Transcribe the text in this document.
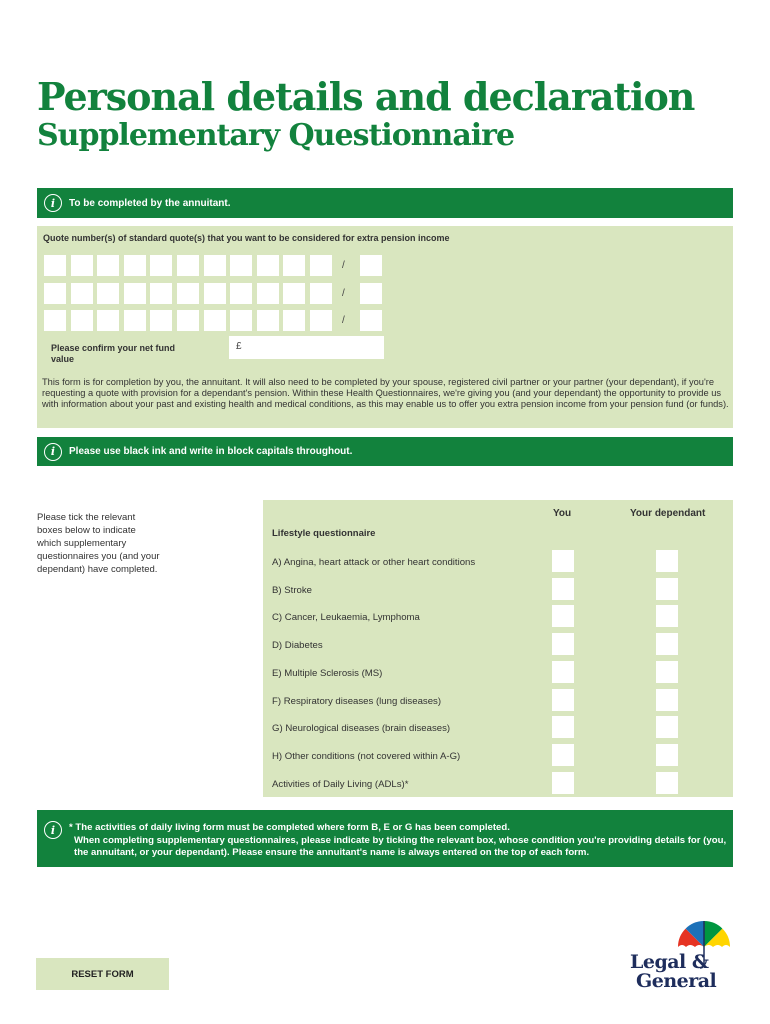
Personal details and declaration
Supplementary Questionnaire
i	To be completed by the annuitant.
Quote number(s) of standard quote(s) that you want to be considered for extra pension income
/
/
/
Please confirm your net fund value
£
This form is for completion by you, the annuitant. It will also need to be completed by your spouse, registered civil partner or your partner (your dependant), if you're requesting a quote with provision for a dependant's pension. Within these Health Questionnaires, we're giving you (and your dependant) the opportunity to provide us with information about your past and existing health and medical conditions, as this may enable us to offer you extra pension income from your pension fund (or funds).
i	Please use black ink and write in block capitals throughout.
Please tick the relevant boxes below to indicate which supplementary questionnaires you (and your dependant) have completed.
You	Your dependant
Lifestyle questionnaire
A) Angina, heart attack or other heart conditions
B) Stroke
C) Cancer, Leukaemia, Lymphoma
D) Diabetes
E) Multiple Sclerosis (MS)
F) Respiratory diseases (lung diseases)
G) Neurological diseases (brain diseases)
H) Other conditions (not covered within A-G)
Activities of Daily Living (ADLs)*
i	* The activities of daily living form must be completed where form B, E or G has been completed.
When completing supplementary questionnaires, please indicate by ticking the relevant box, whose condition you're providing details for (you, the annuitant, or your dependant). Please ensure the annuitant's name is always entered on the top of each form.
RESET FORM
Legal &
General
